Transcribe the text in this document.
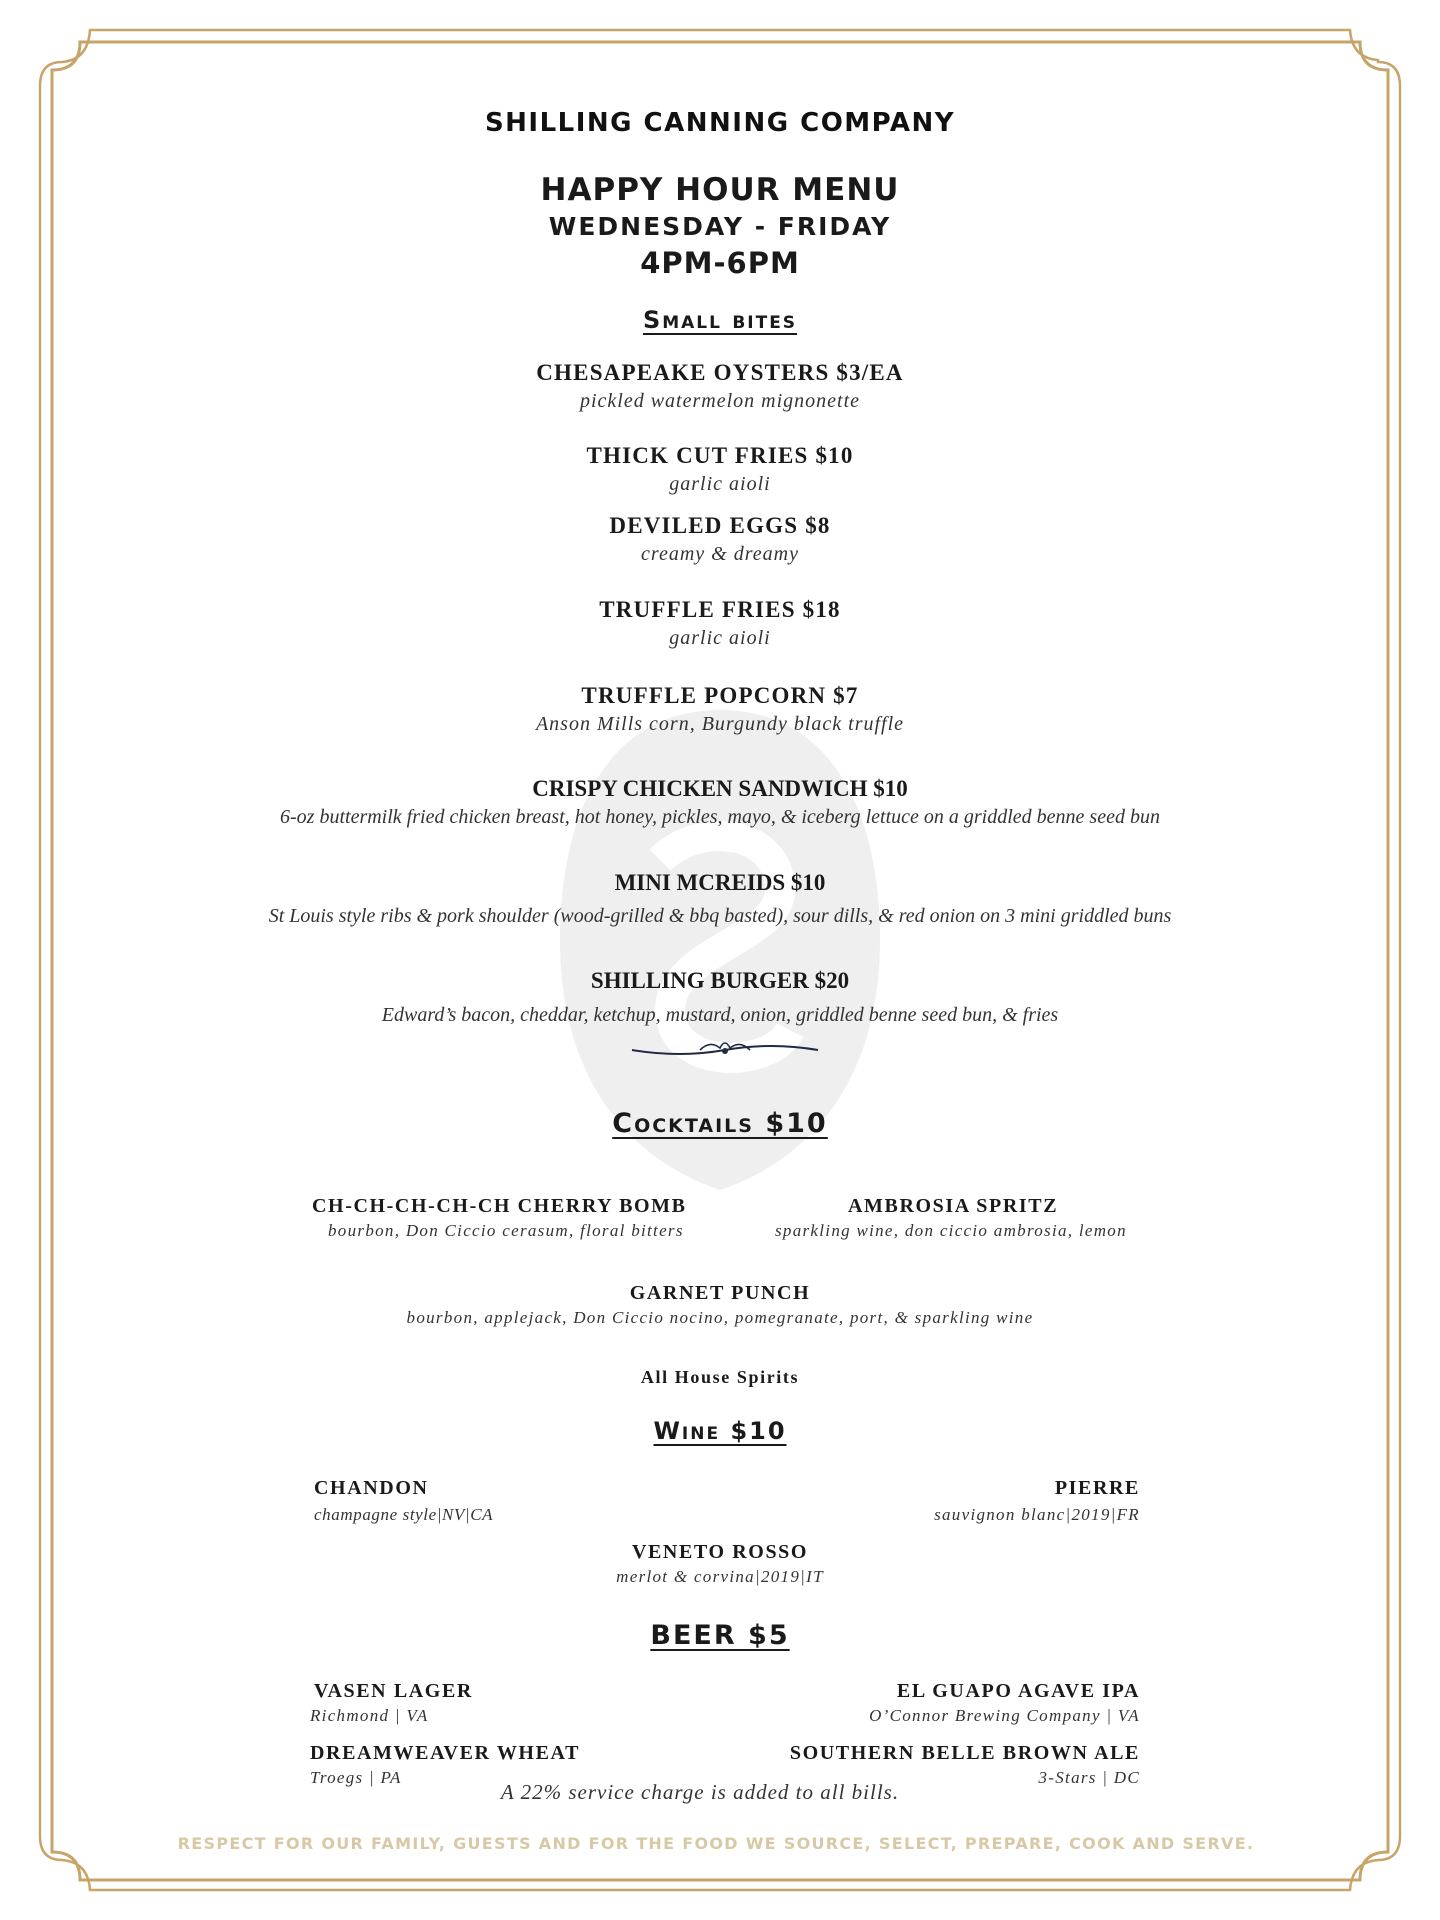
SHILLING CANNING COMPANY
HAPPY HOUR MENU
WEDNESDAY - FRIDAY
4PM-6PM
Small bites
CHESAPEAKE OYSTERS $3/EA
pickled watermelon mignonette
THICK CUT FRIES $10
garlic aioli
DEVILED EGGS $8
creamy & dreamy
TRUFFLE FRIES $18
garlic aioli
TRUFFLE POPCORN $7
Anson Mills corn, Burgundy black truffle
CRISPY CHICKEN SANDWICH $10
6-oz buttermilk fried chicken breast, hot honey, pickles, mayo, & iceberg lettuce on a griddled benne seed bun
MINI MCREIDS $10
St Louis style ribs & pork shoulder (wood-grilled & bbq basted), sour dills, & red onion on 3 mini griddled buns
SHILLING BURGER $20
Edward’s bacon, cheddar, ketchup, mustard, onion, griddled benne seed bun, & fries
Cocktails $10
CH-CH-CH-CH-CH CHERRY BOMB
bourbon, Don Ciccio cerasum, floral bitters
AMBROSIA SPRITZ
sparkling wine, don ciccio ambrosia, lemon
GARNET PUNCH
bourbon, applejack, Don Ciccio nocino, pomegranate, port, & sparkling wine
All House Spirits
Wine $10
CHANDON
champagne style|NV|CA
PIERRE
sauvignon blanc|2019|FR
VENETO ROSSO
merlot & corvina|2019|IT
BEER $5
VASEN LAGER
Richmond | VA
EL GUAPO AGAVE IPA
O’Connor Brewing Company | VA
DREAMWEAVER WHEAT
Troegs | PA
SOUTHERN BELLE BROWN ALE
3-Stars | DC
A 22% service charge is added to all bills.
RESPECT FOR OUR FAMILY, GUESTS AND FOR THE FOOD WE SOURCE, SELECT, PREPARE, COOK AND SERVE.
